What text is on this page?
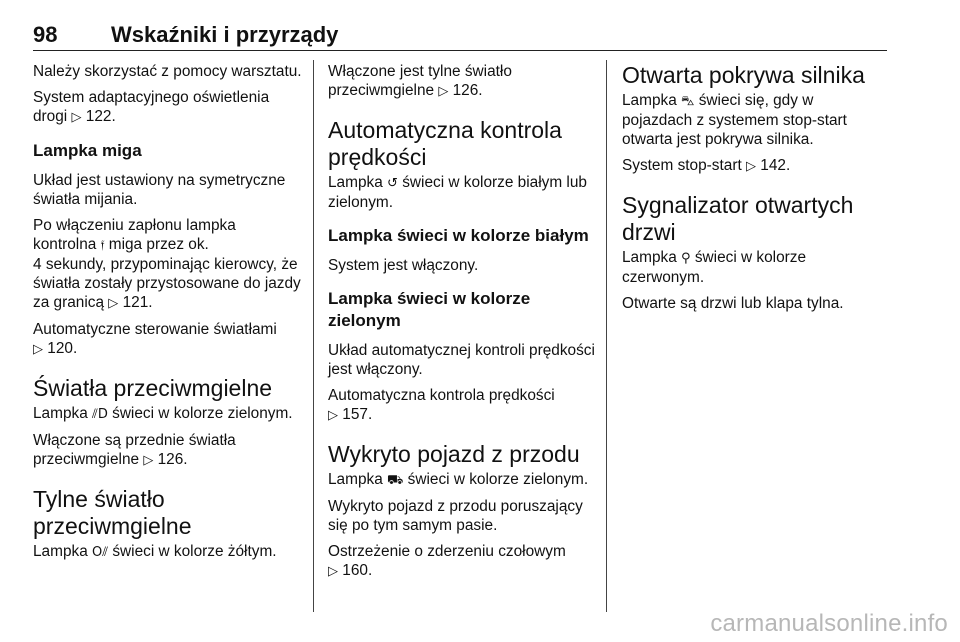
98	Wskaźniki i przyrządy

Należy skorzystać z pomocy warsztatu.

System adaptacyjnego oświetlenia drogi ▷ 122.

Lampka miga

Układ jest ustawiony na symetryczne światła mijania.

Po włączeniu zapłonu lampka kontrolna 𝔣 miga przez ok.
4 sekundy, przypominając kierowcy, że światła zostały przystosowane do jazdy za granicą ▷ 121.

Automatyczne sterowanie światłami
▷ 120.

Światła przeciwmgielne

Lampka ⫽D świeci w kolorze zielonym.

Włączone są przednie światła przeciwmgielne ▷ 126.

Tylne światło przeciwmgielne

Lampka O⫽ świeci w kolorze żółtym.

Włączone jest tylne światło przeciwmgielne ▷ 126.

Automatyczna kontrola prędkości

Lampka ↺ świeci w kolorze białym lub zielonym.

Lampka świeci w kolorze białym

System jest włączony.

Lampka świeci w kolorze zielonym

Układ automatycznej kontroli prędkości jest włączony.

Automatyczna kontrola prędkości
▷ 157.

Wykryto pojazd z przodu

Lampka ⛟ świeci w kolorze zielonym.

Wykryto pojazd z przodu poruszający się po tym samym pasie.

Ostrzeżenie o zderzeniu czołowym
▷ 160.

Otwarta pokrywa silnika

Lampka ⛍ świeci się, gdy w pojazdach z systemem stop-start otwarta jest pokrywa silnika.

System stop-start ▷ 142.

Sygnalizator otwartych drzwi

Lampka ⚲ świeci w kolorze czerwonym.

Otwarte są drzwi lub klapa tylna.

carmanualsonline.info
